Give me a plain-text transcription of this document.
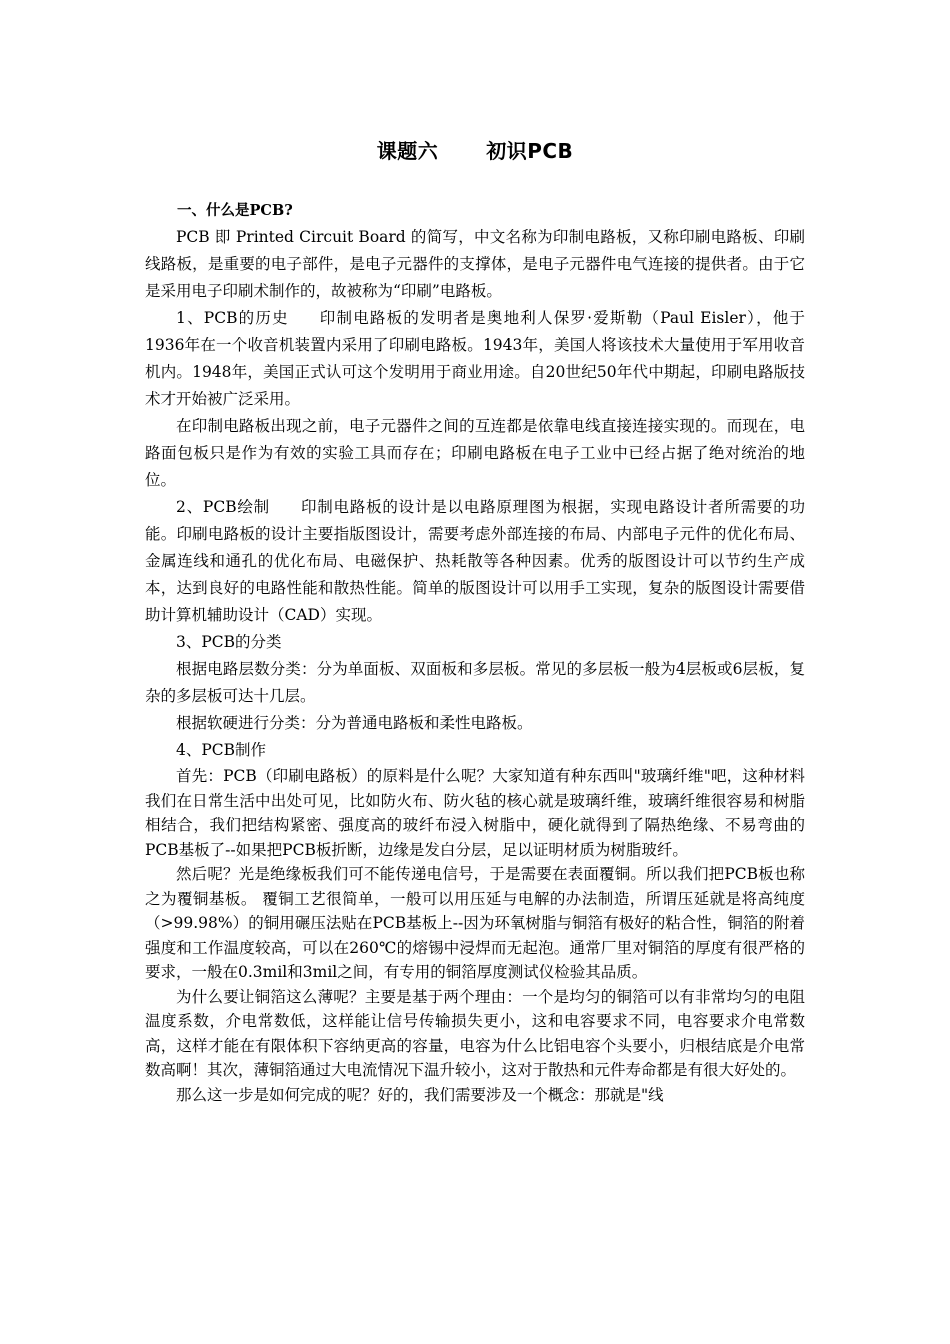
课题六 初识PCB

一、什么是PCB?

PCB 即 Printed Circuit Board 的简写，中文名称为印制电路板，又称印刷电路板、印刷线路板，是重要的电子部件，是电子元器件的支撑体，是电子元器件电气连接的提供者。由于它是采用电子印刷术制作的，故被称为“印刷”电路板。

1、PCB的历史 印制电路板的发明者是奥地利人保罗·爱斯勒（Paul Eisler），他于1936年在一个收音机装置内采用了印刷电路板。1943年，美国人将该技术大量使用于军用收音机内。1948年，美国正式认可这个发明用于商业用途。自20世纪50年代中期起，印刷电路版技术才开始被广泛采用。

在印制电路板出现之前，电子元器件之间的互连都是依靠电线直接连接实现的。而现在，电路面包板只是作为有效的实验工具而存在；印刷电路板在电子工业中已经占据了绝对统治的地位。

2、PCB绘制 印制电路板的设计是以电路原理图为根据，实现电路设计者所需要的功能。印刷电路板的设计主要指版图设计，需要考虑外部连接的布局、内部电子元件的优化布局、金属连线和通孔的优化布局、电磁保护、热耗散等各种因素。优秀的版图设计可以节约生产成本，达到良好的电路性能和散热性能。简单的版图设计可以用手工实现，复杂的版图设计需要借助计算机辅助设计（CAD）实现。

3、PCB的分类

根据电路层数分类：分为单面板、双面板和多层板。常见的多层板一般为4层板或6层板，复杂的多层板可达十几层。

根据软硬进行分类：分为普通电路板和柔性电路板。

4、PCB制作

首先：PCB（印刷电路板）的原料是什么呢？大家知道有种东西叫"玻璃纤维"吧，这种材料我们在日常生活中出处可见，比如防火布、防火毡的核心就是玻璃纤维，玻璃纤维很容易和树脂相结合，我们把结构紧密、强度高的玻纤布浸入树脂中，硬化就得到了隔热绝缘、不易弯曲的PCB基板了--如果把PCB板折断，边缘是发白分层，足以证明材质为树脂玻纤。

然后呢？光是绝缘板我们可不能传递电信号，于是需要在表面覆铜。所以我们把PCB板也称之为覆铜基板。 覆铜工艺很简单，一般可以用压延与电解的办法制造，所谓压延就是将高纯度（>99.98%）的铜用碾压法贴在PCB基板上--因为环氧树脂与铜箔有极好的粘合性，铜箔的附着强度和工作温度较高，可以在260℃的熔锡中浸焊而无起泡。通常厂里对铜箔的厚度有很严格的要求，一般在0.3mil和3mil之间，有专用的铜箔厚度测试仪检验其品质。

为什么要让铜箔这么薄呢？主要是基于两个理由：一个是均匀的铜箔可以有非常均匀的电阻温度系数，介电常数低，这样能让信号传输损失更小，这和电容要求不同，电容要求介电常数高，这样才能在有限体积下容纳更高的容量，电容为什么比铝电容个头要小，归根结底是介电常数高啊！其次，薄铜箔通过大电流情况下温升较小，这对于散热和元件寿命都是有很大好处的。

那么这一步是如何完成的呢？好的，我们需要涉及一个概念：那就是"线
